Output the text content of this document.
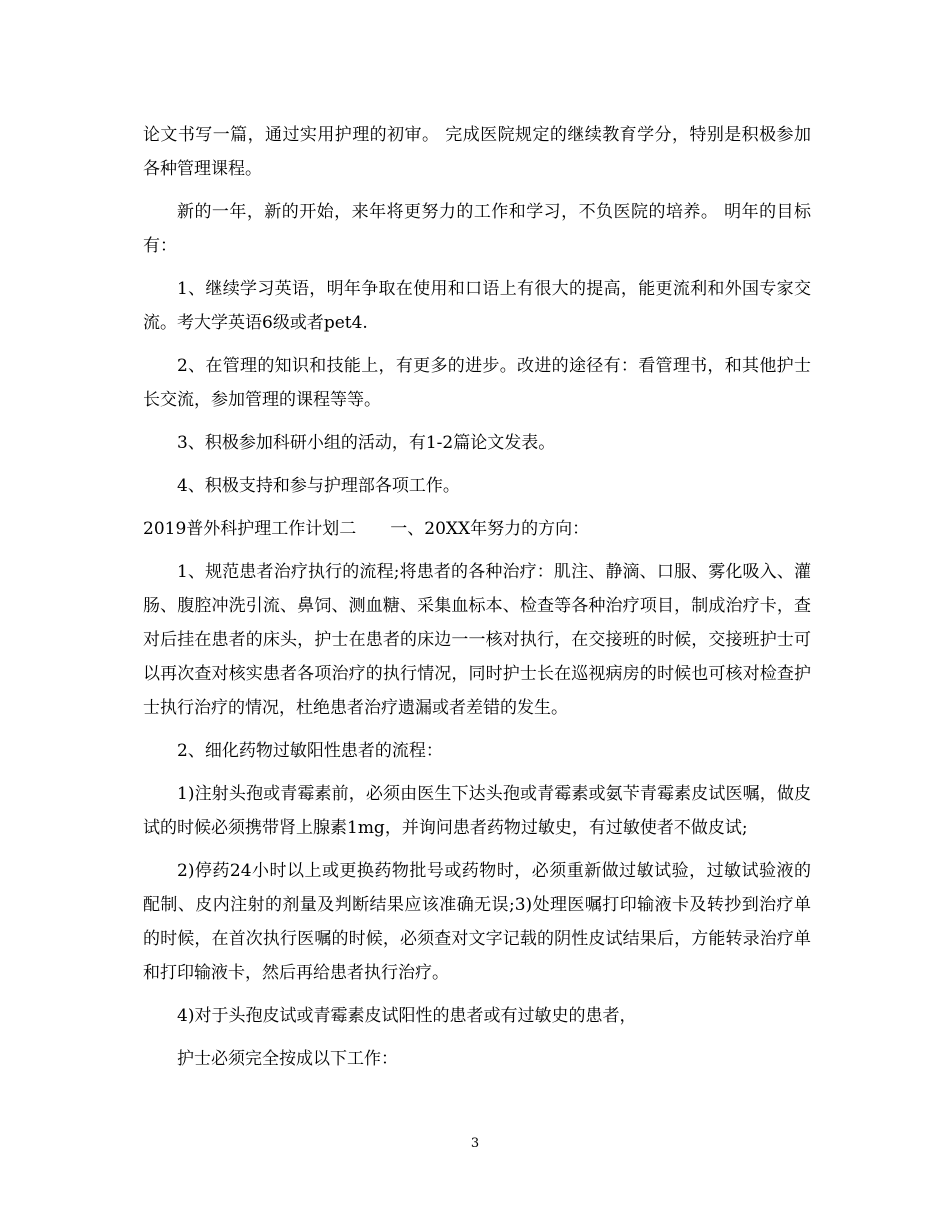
论文书写一篇，通过实用护理的初审。 完成医院规定的继续教育学分，特别是积极参加各种管理课程。

新的一年，新的开始，来年将更努力的工作和学习，不负医院的培养。 明年的目标有：

1、继续学习英语，明年争取在使用和口语上有很大的提高，能更流利和外国专家交流。考大学英语6级或者pet4.

2、在管理的知识和技能上，有更多的进步。改进的途径有：看管理书，和其他护士长交流，参加管理的课程等等。

3、积极参加科研小组的活动，有1-2篇论文发表。

4、积极支持和参与护理部各项工作。

2019普外科护理工作计划二　　一、20XX年努力的方向：

1、规范患者治疗执行的流程;将患者的各种治疗：肌注、静滴、口服、雾化吸入、灌肠、腹腔冲洗引流、鼻饲、测血糖、采集血标本、检查等各种治疗项目，制成治疗卡，查对后挂在患者的床头，护士在患者的床边一一核对执行，在交接班的时候，交接班护士可以再次查对核实患者各项治疗的执行情况，同时护士长在巡视病房的时候也可核对检查护士执行治疗的情况，杜绝患者治疗遗漏或者差错的发生。

2、细化药物过敏阳性患者的流程：

1)注射头孢或青霉素前，必须由医生下达头孢或青霉素或氨苄青霉素皮试医嘱，做皮试的时候必须携带肾上腺素1mg，并询问患者药物过敏史，有过敏使者不做皮试;

2)停药24小时以上或更换药物批号或药物时，必须重新做过敏试验，过敏试验液的配制、皮内注射的剂量及判断结果应该准确无误;3)处理医嘱打印输液卡及转抄到治疗单的时候，在首次执行医嘱的时候，必须查对文字记载的阴性皮试结果后，方能转录治疗单和打印输液卡，然后再给患者执行治疗。

4)对于头孢皮试或青霉素皮试阳性的患者或有过敏史的患者，

护士必须完全按成以下工作：

3
